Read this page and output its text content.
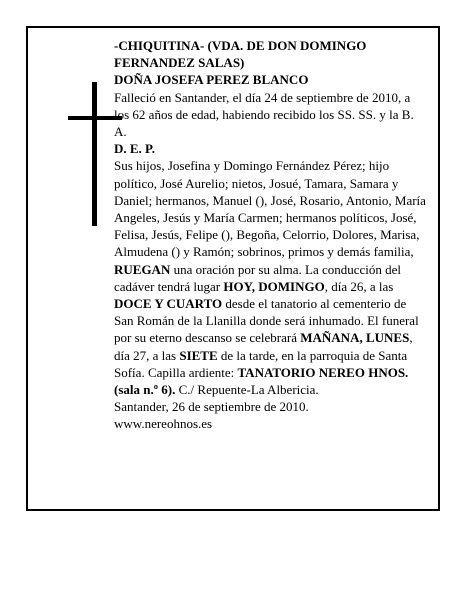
-CHIQUITINA- (VDA. DE DON DOMINGO

FERNANDEZ SALAS)

DOÑA JOSEFA PEREZ BLANCO

Falleció en Santander, el día 24 de septiembre de 2010, a los 62 años de edad, habiendo recibido los SS. SS. y la B. A.

D. E. P.

Sus hijos, Josefina y Domingo Fernández Pérez; hijo político, José Aurelio; nietos, Josué, Tamara, Samara y Daniel; hermanos, Manuel (), José, Rosario, Antonio, María Angeles, Jesús y María Carmen; hermanos políticos, José, Felisa, Jesús, Felipe (), Begoña, Celorrio, Dolores, Marisa, Almudena () y Ramón; sobrinos, primos y demás familia,

RUEGAN una oración por su alma. La conducción del cadáver tendrá lugar HOY, DOMINGO, día 26, a las DOCE Y CUARTO desde el tanatorio al cementerio de San Román de la Llanilla donde será inhumado. El funeral por su eterno descanso se celebrará MAÑANA, LUNES, día 27, a las SIETE de la tarde, en la parroquia de Santa Sofía. Capilla ardiente: TANATORIO NEREO HNOS. (sala n.º 6). C./ Repuente-La Albericia.

Santander, 26 de septiembre de 2010.

www.nereohnos.es
